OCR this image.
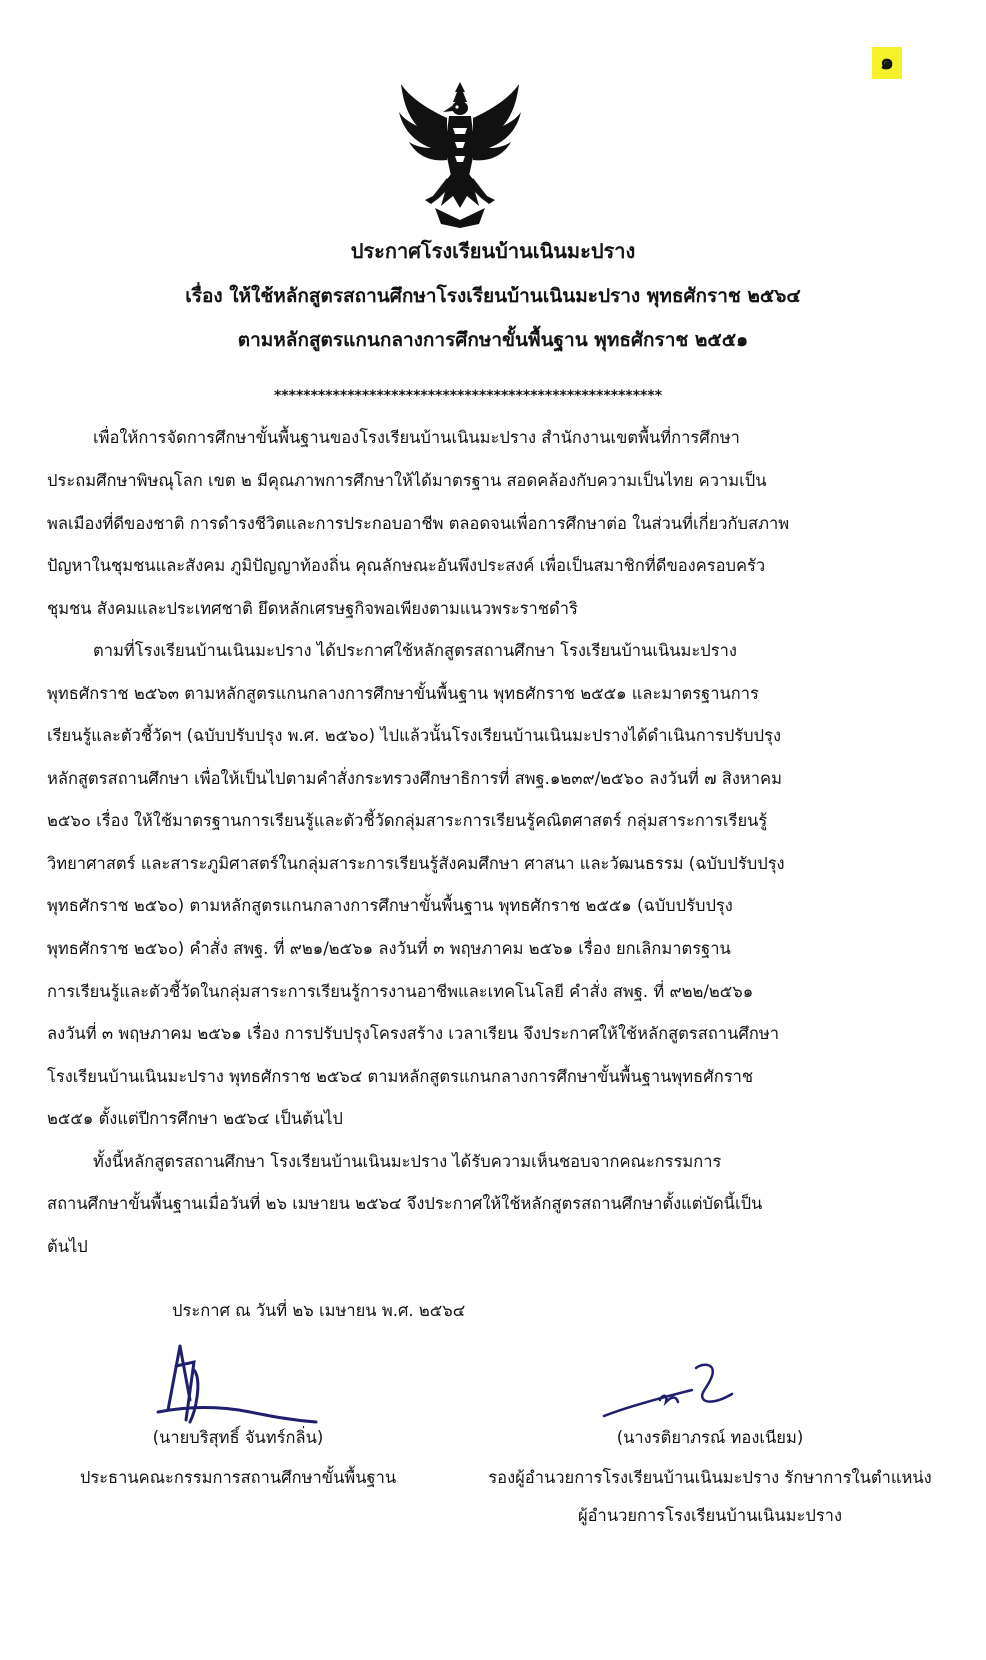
๑
ประกาศโรงเรียนบ้านเนินมะปราง
เรื่อง ให้ใช้หลักสูตรสถานศึกษาโรงเรียนบ้านเนินมะปราง พุทธศักราช ๒๕๖๔
ตามหลักสูตรแกนกลางการศึกษาขั้นพื้นฐาน พุทธศักราช ๒๕๕๑
*****************************************************
เพื่อให้การจัดการศึกษาขั้นพื้นฐานของโรงเรียนบ้านเนินมะปราง สำนักงานเขตพื้นที่การศึกษา
ประถมศึกษาพิษณุโลก เขต ๒ มีคุณภาพการศึกษาให้ได้มาตรฐาน สอดคล้องกับความเป็นไทย ความเป็น
พลเมืองที่ดีของชาติ การดำรงชีวิตและการประกอบอาชีพ ตลอดจนเพื่อการศึกษาต่อ ในส่วนที่เกี่ยวกับสภาพ
ปัญหาในชุมชนและสังคม ภูมิปัญญาท้องถิ่น คุณลักษณะอันพึงประสงค์ เพื่อเป็นสมาชิกที่ดีของครอบครัว
ชุมชน สังคมและประเทศชาติ ยึดหลักเศรษฐกิจพอเพียงตามแนวพระราชดำริ
ตามที่โรงเรียนบ้านเนินมะปราง ได้ประกาศใช้หลักสูตรสถานศึกษา โรงเรียนบ้านเนินมะปราง
พุทธศักราช ๒๕๖๓ ตามหลักสูตรแกนกลางการศึกษาขั้นพื้นฐาน พุทธศักราช ๒๕๕๑ และมาตรฐานการ
เรียนรู้และตัวชี้วัดฯ (ฉบับปรับปรุง พ.ศ. ๒๕๖๐) ไปแล้วนั้นโรงเรียนบ้านเนินมะปรางได้ดำเนินการปรับปรุง
หลักสูตรสถานศึกษา เพื่อให้เป็นไปตามคำสั่งกระทรวงศึกษาธิการที่ สพฐ.๑๒๓๙/๒๕๖๐ ลงวันที่ ๗ สิงหาคม
๒๕๖๐ เรื่อง ให้ใช้มาตรฐานการเรียนรู้และตัวชี้วัดกลุ่มสาระการเรียนรู้คณิตศาสตร์ กลุ่มสาระการเรียนรู้
วิทยาศาสตร์ และสาระภูมิศาสตร์ในกลุ่มสาระการเรียนรู้สังคมศึกษา ศาสนา และวัฒนธรรม (ฉบับปรับปรุง
พุทธศักราช ๒๕๖๐) ตามหลักสูตรแกนกลางการศึกษาขั้นพื้นฐาน พุทธศักราช ๒๕๕๑ (ฉบับปรับปรุง
พุทธศักราช ๒๕๖๐) คำสั่ง สพฐ. ที่ ๙๒๑/๒๕๖๑ ลงวันที่ ๓ พฤษภาคม ๒๕๖๑ เรื่อง ยกเลิกมาตรฐาน
การเรียนรู้และตัวชี้วัดในกลุ่มสาระการเรียนรู้การงานอาชีพและเทคโนโลยี คำสั่ง สพฐ. ที่ ๙๒๒/๒๕๖๑
ลงวันที่ ๓ พฤษภาคม ๒๕๖๑ เรื่อง การปรับปรุงโครงสร้าง เวลาเรียน จึงประกาศให้ใช้หลักสูตรสถานศึกษา
โรงเรียนบ้านเนินมะปราง พุทธศักราช ๒๕๖๔ ตามหลักสูตรแกนกลางการศึกษาขั้นพื้นฐานพุทธศักราช
๒๕๕๑ ตั้งแต่ปีการศึกษา ๒๕๖๔ เป็นต้นไป
ทั้งนี้หลักสูตรสถานศึกษา โรงเรียนบ้านเนินมะปราง ได้รับความเห็นชอบจากคณะกรรมการ
สถานศึกษาขั้นพื้นฐานเมื่อวันที่ ๒๖ เมษายน ๒๕๖๔ จึงประกาศให้ใช้หลักสูตรสถานศึกษาตั้งแต่บัดนี้เป็น
ต้นไป
ประกาศ ณ วันที่ ๒๖ เมษายน พ.ศ. ๒๕๖๔
(นายบริสุทธิ์ จันทร์กลิ่น)
ประธานคณะกรรมการสถานศึกษาขั้นพื้นฐาน
(นางรติยาภรณ์ ทองเนียม)
รองผู้อำนวยการโรงเรียนบ้านเนินมะปราง รักษาการในตำแหน่ง
ผู้อำนวยการโรงเรียนบ้านเนินมะปราง
